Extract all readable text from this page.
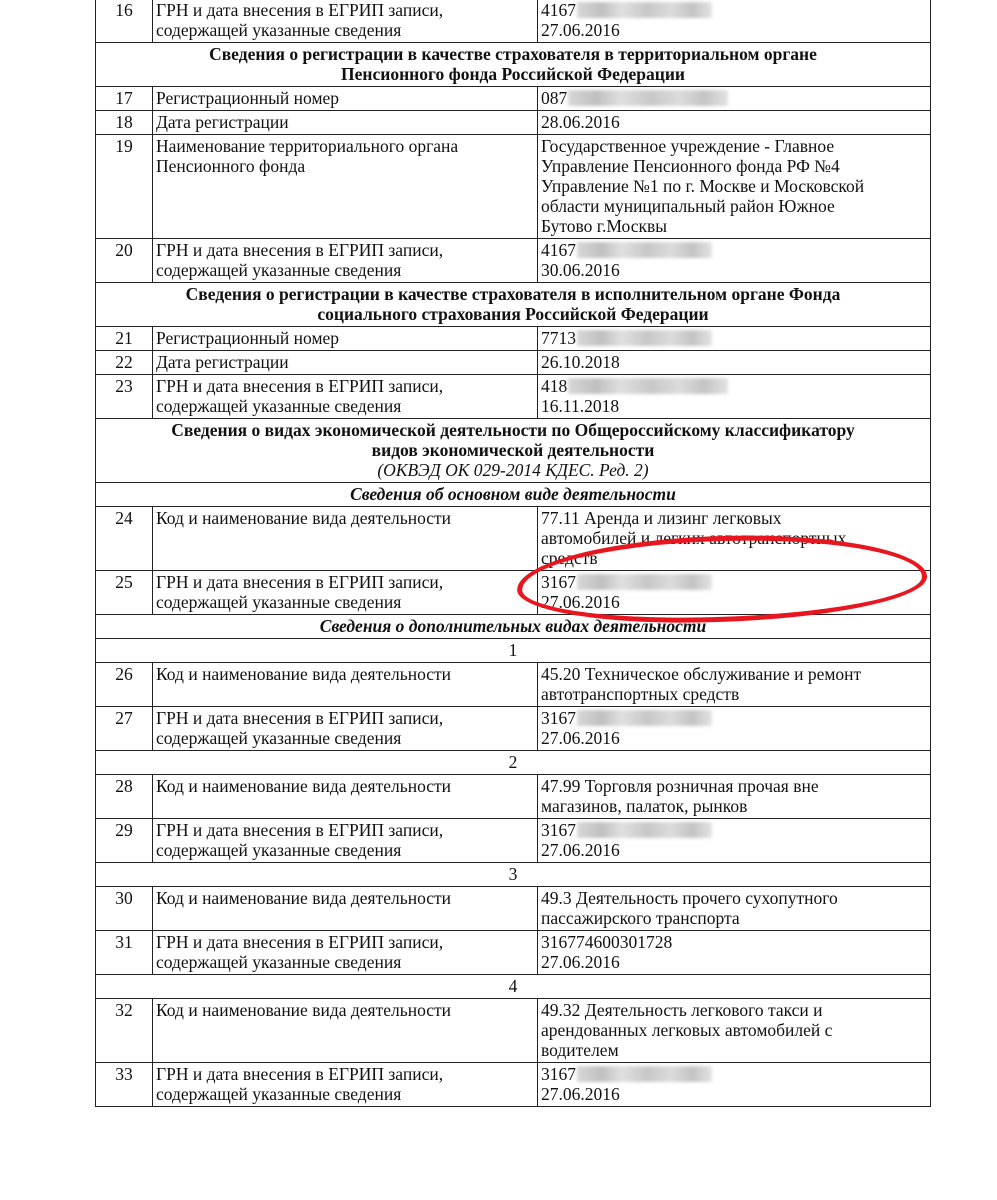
16	ГРН и дата внесения в ЕГРИП записи,
содержащей указанные сведения	4167
27.06.2016

Сведения о регистрации в качестве страхователя в территориальном органе
Пенсионного фонда Российской Федерации		

17	Регистрационный номер	087

18	Дата регистрации	28.06.2016

19	Наименование территориального органа
Пенсионного фонда	Государственное учреждение - Главное
Управление Пенсионного фонда РФ №4
Управление №1 по г. Москве и Московской
области муниципальный район Южное
Бутово г.Москвы

20	ГРН и дата внесения в ЕГРИП записи,
содержащей указанные сведения	4167
30.06.2016

Сведения о регистрации в качестве страхователя в исполнительном органе Фонда
социального страхования Российской Федерации		

21	Регистрационный номер	7713

22	Дата регистрации	26.10.2018

23	ГРН и дата внесения в ЕГРИП записи,
содержащей указанные сведения	418
16.11.2018

Сведения о видах экономической деятельности по Общероссийскому классификатору
видов экономической деятельности
(ОКВЭД ОК 029-2014 КДЕС. Ред. 2)		

Сведения об основном виде деятельности		
24	Код и наименование вида деятельности	77.11 Аренда и лизинг легковых
автомобилей и легких автотранспортных
средств

25	ГРН и дата внесения в ЕГРИП записи,
содержащей указанные сведения	3167
27.06.2016

Сведения о дополнительных видах деятельности		
1		
26	Код и наименование вида деятельности	45.20 Техническое обслуживание и ремонт
автотранспортных средств

27	ГРН и дата внесения в ЕГРИП записи,
содержащей указанные сведения	3167
27.06.2016

2		
28	Код и наименование вида деятельности	47.99 Торговля розничная прочая вне
магазинов, палаток, рынков

29	ГРН и дата внесения в ЕГРИП записи,
содержащей указанные сведения	3167
27.06.2016

3		
30	Код и наименование вида деятельности	49.3 Деятельность прочего сухопутного
пассажирского транспорта

31	ГРН и дата внесения в ЕГРИП записи,
содержащей указанные сведения	316774600301728
27.06.2016

4		
32	Код и наименование вида деятельности	49.32 Деятельность легкового такси и
арендованных легковых автомобилей с
водителем

33	ГРН и дата внесения в ЕГРИП записи,
содержащей указанные сведения	3167
27.06.2016
